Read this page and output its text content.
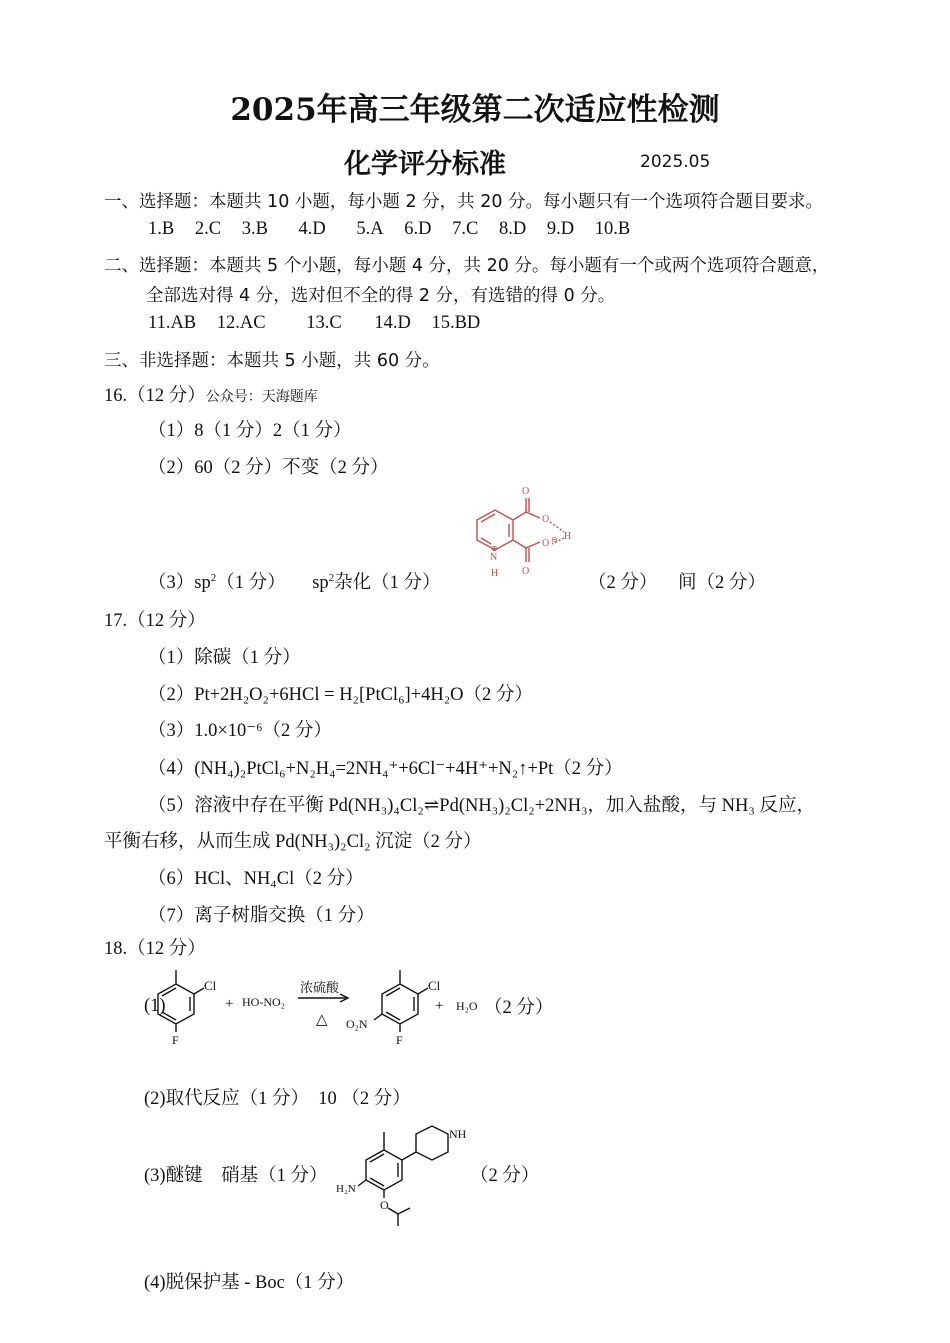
2025年高三年级第二次适应性检测
化学评分标准	2025.05
一、选择题：本题共 10 小题，每小题 2 分，共 20 分。每小题只有一个选项符合题目要求。
1.B 2.C 3.B 4.D 5.A 6.D 7.C 8.D 9.D 10.B
二、选择题：本题共 5 个小题，每小题 4 分，共 20 分。每小题有一个或两个选项符合题意，
全部选对得 4 分，选对但不全的得 2 分，有选错的得 0 分。
11.AB 12.AC 13.C 14.D 15.BD
三、非选择题：本题共 5 小题，共 60 分。
16.（12 分）公众号：天海题库
（1）8（1 分）2（1 分）
（2）60（2 分）不变（2 分）
$(3)sp^2(1$ 分） $sp^2$杂化（1 分）	（2 分） 间（2 分）
O
O
H
O ⊖
O
N
⊕
H
17.（12 分）
（1）除碳（1 分）
（2）Pt+2H₂O₂+6HCl = H₂[PtCl₆]+4H₂O（2 分）
（3）1.0×10⁻⁶（2 分）
（4）(NH₄)₂PtCl₆+N₂H₄=2NH₄⁺+6Cl⁻+4H⁺+N₂↑+Pt（2 分）
（5）溶液中存在平衡 Pd(NH₃)₄Cl₂⇌Pd(NH₃)₂Cl₂+2NH₃，加入盐酸，与 NH₃ 反应，
平衡右移，从而生成 Pd(NH₃)₂Cl₂ 沉淀（2 分）
（6）HCl、NH₄Cl（2 分）
（7）离子树脂交换（1 分）
18.（12 分）
Cl
F
+ HO-NO₂
浓硫酸
△
Cl
F
O₂N
+ H₂O
(1)	（2 分）
(2)取代反应（1 分）　10 （2 分）
(3)醚键　硝基（1 分）
NH
H₂N
O
（2 分）
(4)脱保护基 - Boc（1 分）
